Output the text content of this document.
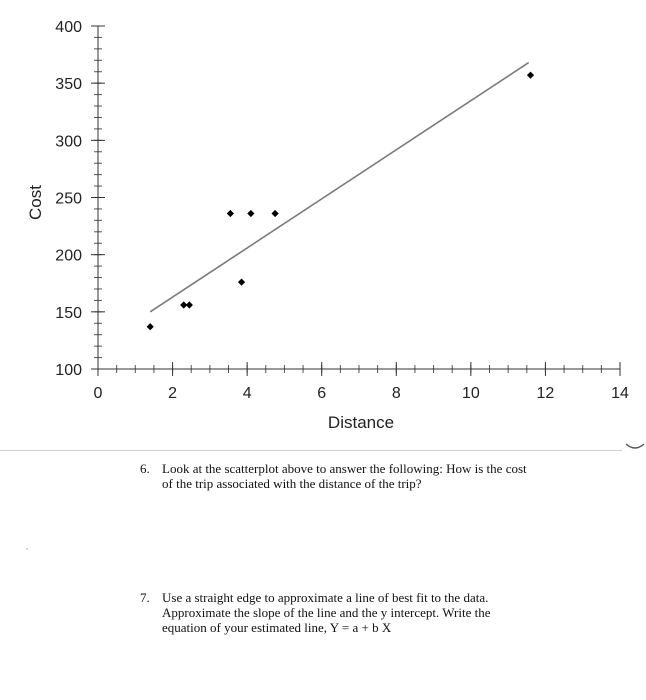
0	2	4	6	8	10	12	14
100
150
200
250
300
350
400
Distance
Cost
6. Look at the scatterplot above to answer the following: How is the cost
of the trip associated with the distance of the trip?
7. Use a straight edge to approximate a line of best fit to the data.
Approximate the slope of the line and the y intercept. Write the
equation of your estimated line, Y = a + b X
